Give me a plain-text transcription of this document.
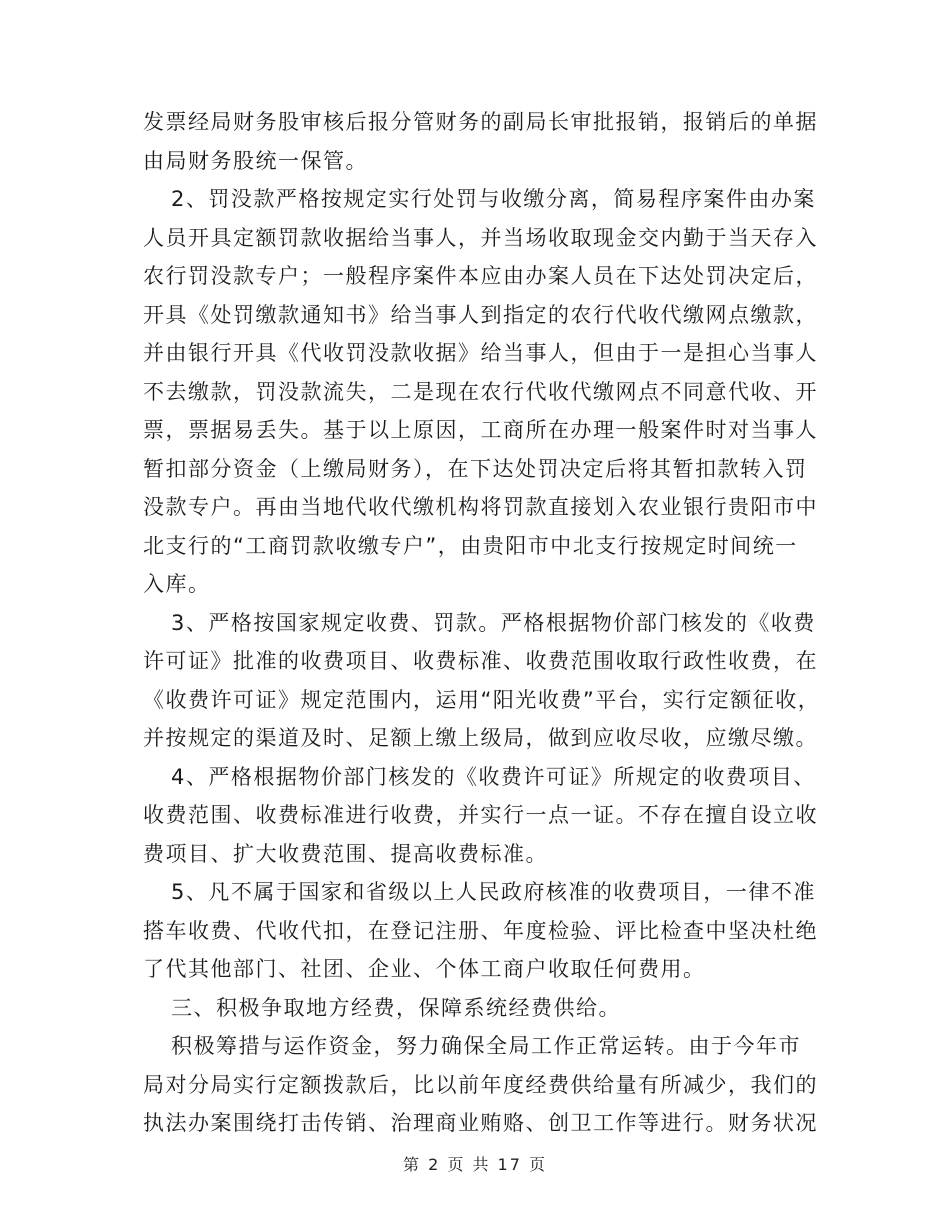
发票经局财务股审核后报分管财务的副局长审批报销，报销后的单据
由局财务股统一保管。
2、罚没款严格按规定实行处罚与收缴分离，简易程序案件由办案
人员开具定额罚款收据给当事人，并当场收取现金交内勤于当天存入
农行罚没款专户；一般程序案件本应由办案人员在下达处罚决定后，
开具《处罚缴款通知书》给当事人到指定的农行代收代缴网点缴款，
并由银行开具《代收罚没款收据》给当事人，但由于一是担心当事人
不去缴款，罚没款流失，二是现在农行代收代缴网点不同意代收、开
票，票据易丢失。基于以上原因，工商所在办理一般案件时对当事人
暂扣部分资金（上缴局财务），在下达处罚决定后将其暂扣款转入罚
没款专户。再由当地代收代缴机构将罚款直接划入农业银行贵阳市中
北支行的“工商罚款收缴专户”，由贵阳市中北支行按规定时间统一
入库。
3、严格按国家规定收费、罚款。严格根据物价部门核发的《收费
许可证》批准的收费项目、收费标准、收费范围收取行政性收费，在
《收费许可证》规定范围内，运用“阳光收费”平台，实行定额征收，
并按规定的渠道及时、足额上缴上级局，做到应收尽收，应缴尽缴。
4、严格根据物价部门核发的《收费许可证》所规定的收费项目、
收费范围、收费标准进行收费，并实行一点一证。不存在擅自设立收
费项目、扩大收费范围、提高收费标准。
5、凡不属于国家和省级以上人民政府核准的收费项目，一律不准
搭车收费、代收代扣，在登记注册、年度检验、评比检查中坚决杜绝
了代其他部门、社团、企业、个体工商户收取任何费用。
三、积极争取地方经费，保障系统经费供给。
积极筹措与运作资金，努力确保全局工作正常运转。由于今年市
局对分局实行定额拨款后，比以前年度经费供给量有所减少，我们的
执法办案围绕打击传销、治理商业贿赂、创卫工作等进行。财务状况
第 2 页 共 17 页
